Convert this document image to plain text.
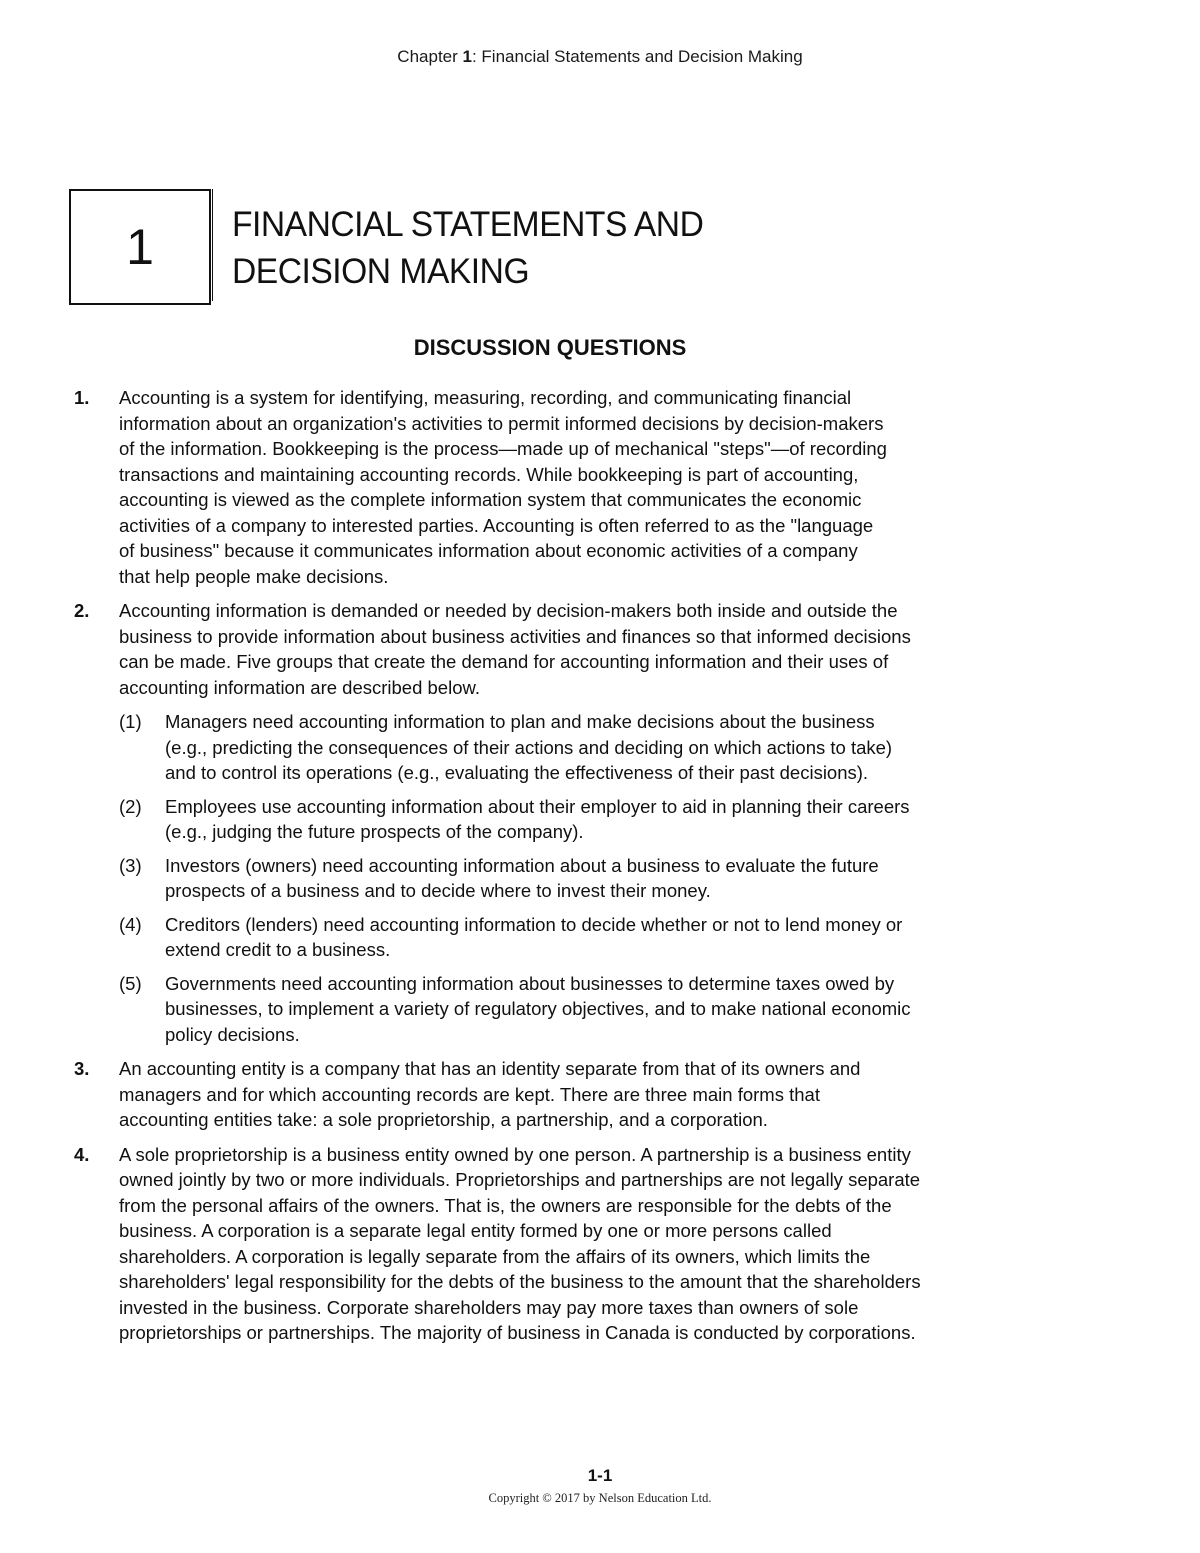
Chapter 1: Financial Statements and Decision Making
1 FINANCIAL STATEMENTS AND
DECISION MAKING
DISCUSSION QUESTIONS
1. Accounting is a system for identifying, measuring, recording, and communicating financial
information about an organization's activities to permit informed decisions by decision-makers
of the information. Bookkeeping is the process—made up of mechanical "steps"—of recording
transactions and maintaining accounting records. While bookkeeping is part of accounting,
accounting is viewed as the complete information system that communicates the economic
activities of a company to interested parties. Accounting is often referred to as the "language
of business" because it communicates information about economic activities of a company
that help people make decisions.
2. Accounting information is demanded or needed by decision-makers both inside and outside the
business to provide information about business activities and finances so that informed decisions
can be made. Five groups that create the demand for accounting information and their uses of
accounting information are described below.
(1) Managers need accounting information to plan and make decisions about the business
(e.g., predicting the consequences of their actions and deciding on which actions to take)
and to control its operations (e.g., evaluating the effectiveness of their past decisions).
(2) Employees use accounting information about their employer to aid in planning their careers
(e.g., judging the future prospects of the company).
(3) Investors (owners) need accounting information about a business to evaluate the future
prospects of a business and to decide where to invest their money.
(4) Creditors (lenders) need accounting information to decide whether or not to lend money or
extend credit to a business.
(5) Governments need accounting information about businesses to determine taxes owed by
businesses, to implement a variety of regulatory objectives, and to make national economic
policy decisions.
3. An accounting entity is a company that has an identity separate from that of its owners and
managers and for which accounting records are kept. There are three main forms that
accounting entities take: a sole proprietorship, a partnership, and a corporation.
4. A sole proprietorship is a business entity owned by one person. A partnership is a business entity
owned jointly by two or more individuals. Proprietorships and partnerships are not legally separate
from the personal affairs of the owners. That is, the owners are responsible for the debts of the
business. A corporation is a separate legal entity formed by one or more persons called
shareholders. A corporation is legally separate from the affairs of its owners, which limits the
shareholders' legal responsibility for the debts of the business to the amount that the shareholders
invested in the business. Corporate shareholders may pay more taxes than owners of sole
proprietorships or partnerships. The majority of business in Canada is conducted by corporations.
1-1
Copyright © 2017 by Nelson Education Ltd.
